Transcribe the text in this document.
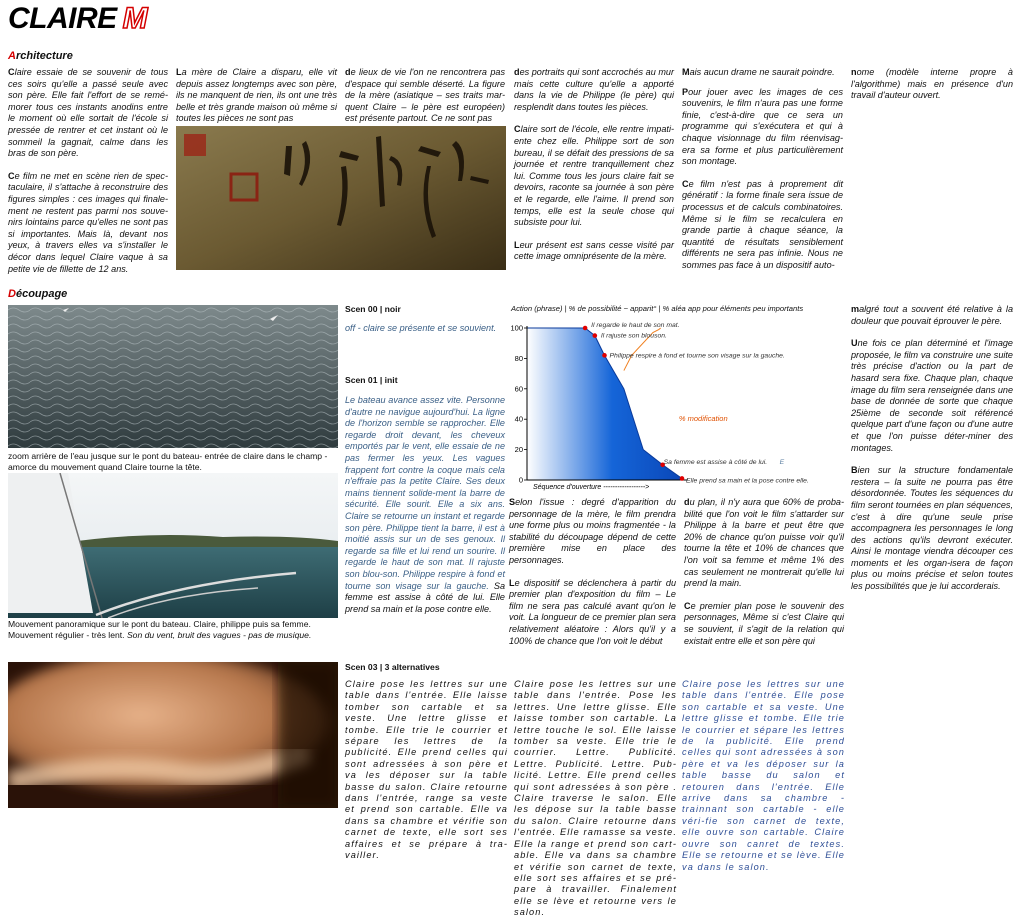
CLAIRE M
Architecture

Claire essaie de se souvenir de tous ces soirs qu'elle a passé seule avec son père. Elle fait l'effort de se remé-morer tous ces instants anodins entre le moment où elle sortait de l'école si pressée de rentrer et cet instant où le sommeil la gagnait, calme dans les bras de son père.

Ce film ne met en scène rien de spec-taculaire, il s'attache à reconstruire des figures simples : ces images qui finale-ment ne restent pas parmi nos souve-nirs lointains parce qu'elles ne sont pas si importantes. Mais là, devant nos yeux, à travers elles va s'installer le décor dans lequel Claire vaque à sa petite vie de fillette de 12 ans.

La mère de Claire a disparu, elle vit depuis assez longtemps avec son père, ils ne manquent de rien, ils ont une très belle et très grande maison où même si toutes les pièces ne sont pas

de lieux de vie l'on ne rencontrera pas d'espace qui semble déserté. La figure de la mère (asiatique – ses traits mar-quent Claire – le père est européen) est présente partout. Ce ne sont pas

des portraits qui sont accrochés au mur mais cette culture qu'elle a apporté dans la vie de Philippe (le père) qui resplendit dans toutes les pièces.

Claire sort de l'école, elle rentre impati-ente chez elle. Philippe sort de son bureau, il se défait des pressions de sa journée et rentre tranquillement chez lui. Comme tous les jours claire fait se devoirs, raconte sa journée à son père et le regarde, elle l'aime. Il prend son temps, elle est la seule chose qui subsiste pour lui.

Leur présent est sans cesse visité par cette image omniprésente de la mère.

Mais aucun drame ne saurait poindre.

Pour jouer avec les images de ces souvenirs, le film n'aura pas une forme finie, c'est-à-dire que ce sera un programme qui s'exécutera et qui à chaque visionnage du film réenvisag-era sa forme et plus particulièrement son montage.

Ce film n'est pas à proprement dit génératif : la forme finale sera issue de processus et de calculs combinatoires. Même si le film se recalculera en grande partie à chaque séance, la quantité de résultats sensiblement différents ne sera pas infinie. Nous ne sommes pas face à un dispositif auto-

nome (modèle interne propre à l'algorithme) mais en présence d'un travail d'auteur ouvert.

Découpage
zoom arrière de l'eau jusque sur le pont du bateau- entrée de claire dans le champ - amorce du mouvement quand Claire tourne la tête.
Mouvement panoramique sur le pont du bateau. Claire, philippe puis sa femme. Mouvement régulier - très lent. Son du vent, bruit des vagues - pas de musique.
Scen 00 | noir
off - claire se présente et se souvient.
Scen 01 | init
Le bateau avance assez vite. Personne d'autre ne navigue aujourd'hui. La ligne de l'horizon semble se rapprocher. Elle regarde droit devant, les cheveux emportés par le vent, elle essaie de ne pas fermer les yeux. Les vagues frappent fort contre la coque mais cela n'effraie pas la petite Claire. Ses deux mains tiennent solide-ment la barre de sécurité. Elle sourit. Elle a six ans. Claire se retourne un instant et regarde son père. Philippe tient la barre, il est à moitié assis sur un de ses genoux. Il regarde sa fille et lui rend un sourire. Il regarde le haut de son mat. Il rajuste son blou-son. Philippe respire à fond et tourne son visage sur la gauche. Sa femme est assise à côté de lui. Elle prend sa main et la pose contre elle.
Action (phrase) | % de possibilité ~ apparit° | % aléa app pour éléments peu importants
0
20
40
60
80
100
% modification
Il regarde le haut de son mat.
Il rajuste son blouson.
Philippe respire à fond et tourne son visage sur la gauche.
Sa femme est assise à côté de lui.
Elle prend sa main et la pose contre elle.
E
Séquence d'ouverture ------------------>

Selon l'issue : degré d'apparition du personnage de la mère, le film prendra une forme plus ou moins fragmentée - la stabilité du découpage dépend de cette première mise en place des personnages.

Le dispositif se déclenchera à partir du premier plan d'exposition du film – Le film ne sera pas calculé avant qu'on le voit. La longueur de ce premier plan sera relativement aléatoire : Alors qu'il y a 100% de chance que l'on voit le début

du plan, il n'y aura que 60% de proba-bilité que l'on voit le film s'attarder sur Philippe à la barre et peut être que 20% de chance qu'on puisse voir qu'il tourne la tête et 10% de chances que l'on voit sa femme et même 1% des cas seulement ne montrerait qu'elle lui prend la main.

Ce premier plan pose le souvenir des personnages, Même si c'est Claire qui se souvient, il s'agit de la relation qui existait entre elle et son père qui

malgré tout a souvent été relative à la douleur que pouvait éprouver le père.

Une fois ce plan déterminé et l'image proposée, le film va construire une suite très précise d'action ou la part de hasard sera fixe. Chaque plan, chaque image du film sera renseignée dans une base de donnée de sorte que chaque 25ième de seconde soit référencé quelque part d'une façon ou d'une autre et que l'on puisse déter-miner des montages.

Bien sur la structure fondamentale restera – la suite ne pourra pas être désordonnée. Toutes les séquences du film seront tournées en plan séquences, c'est à dire qu'une seule prise accompagnera les personnages le long des actions qu'ils devront exécuter. Ainsi le montage viendra découper ces moments et les organ-isera de façon plus ou moins précise et selon toutes les possibilités que je lui accorderais.

Scen 03 | 3 alternatives
Claire pose les lettres sur une table dans l'entrée. Elle laisse tomber son cartable et sa veste. Une lettre glisse et tombe. Elle trie le courrier et sépare les lettres de la publicité. Elle prend celles qui sont adressées à son père et va les déposer sur la table basse du salon. Claire retourne dans l'entrée, range sa veste et prend son cartable. Elle va dans sa chambre et vérifie son carnet de texte, elle sort ses affaires et se prépare à tra-vailler.
Claire pose les lettres sur une table dans l'entrée. Pose les lettres. Une lettre glisse. Elle laisse tomber son cartable. La lettre touche le sol. Elle laisse tomber sa veste. Elle trie le courrier. Lettre. Publicité. Lettre. Publicité. Lettre. Pub-licité. Lettre. Elle prend celles qui sont adressées à son père . Claire traverse le salon. Elle les dépose sur la table basse du salon. Claire retourne dans l'entrée. Elle ramasse sa veste. Elle la range et prend son cart-able. Elle va dans sa chambre et vérifie son carnet de texte, elle sort ses affaires et se pré-pare à travailler. Finalement elle se lève et retourne vers le salon.
Claire pose les lettres sur une table dans l'entrée. Elle pose son cartable et sa veste. Une lettre glisse et tombe. Elle trie le courrier et sépare les lettres de la publicité. Elle prend celles qui sont adressées à son père et va les déposer sur la table basse du salon et retouren dans l'entrée. Elle arrive dans sa chambre - trainnant son cartable - elle véri-fie son carnet de texte, elle ouvre son cartable. Claire ouvre son canret de textes. Elle se retourne et se lève. Elle va dans le salon.
